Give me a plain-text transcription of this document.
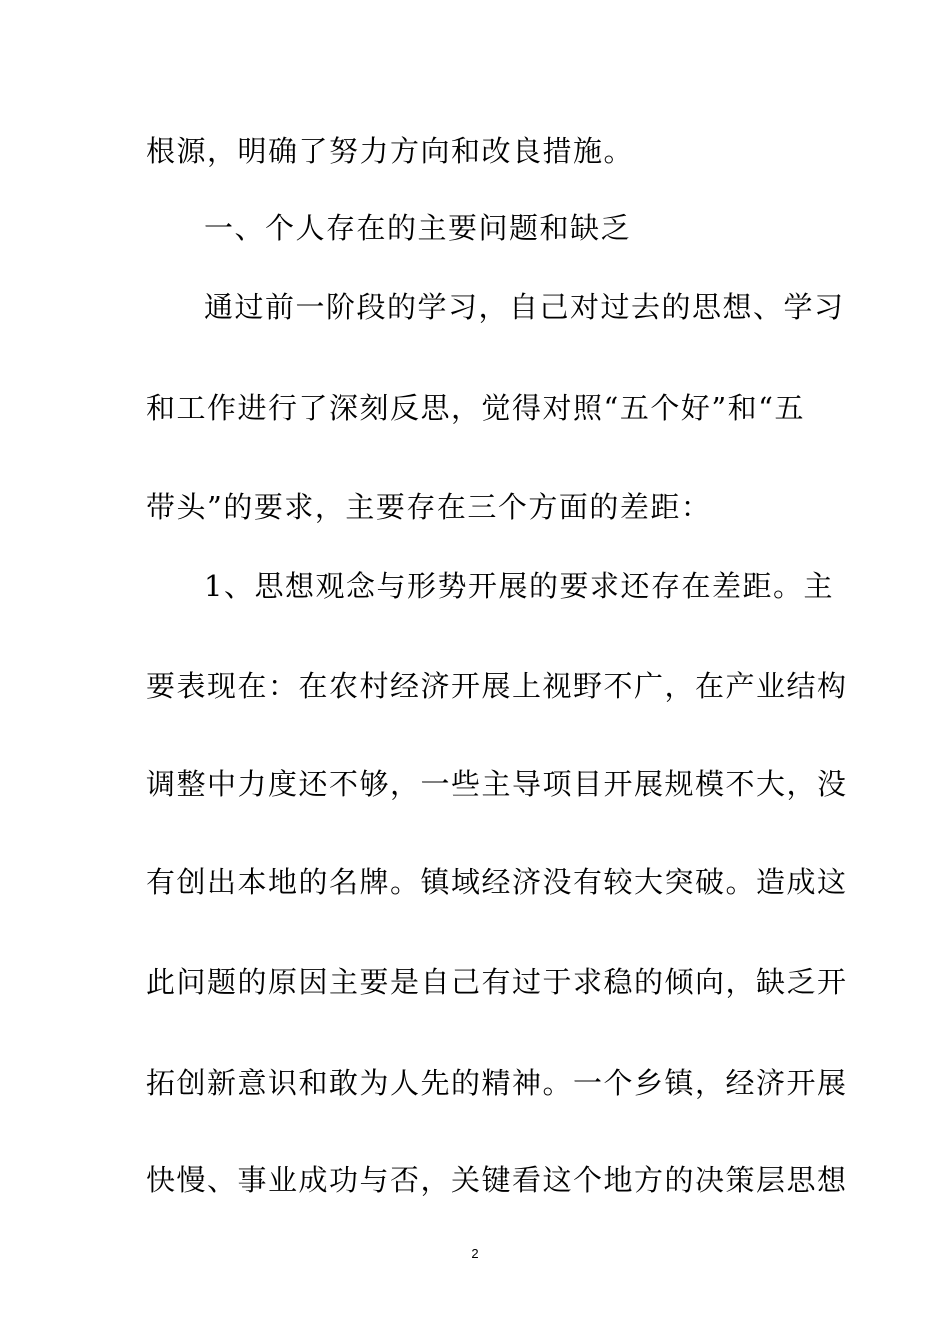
根源，明确了努力方向和改良措施。
一、个人存在的主要问题和缺乏
通过前一阶段的学习，自己对过去的思想、学习
和工作进行了深刻反思，觉得对照“五个好”和“五
带头”的要求，主要存在三个方面的差距：
1、思想观念与形势开展的要求还存在差距。主
要表现在：在农村经济开展上视野不广，在产业结构
调整中力度还不够，一些主导项目开展规模不大，没
有创出本地的名牌。镇域经济没有较大突破。造成这
此问题的原因主要是自己有过于求稳的倾向，缺乏开
拓创新意识和敢为人先的精神。一个乡镇，经济开展
快慢、事业成功与否，关键看这个地方的决策层思想
2
